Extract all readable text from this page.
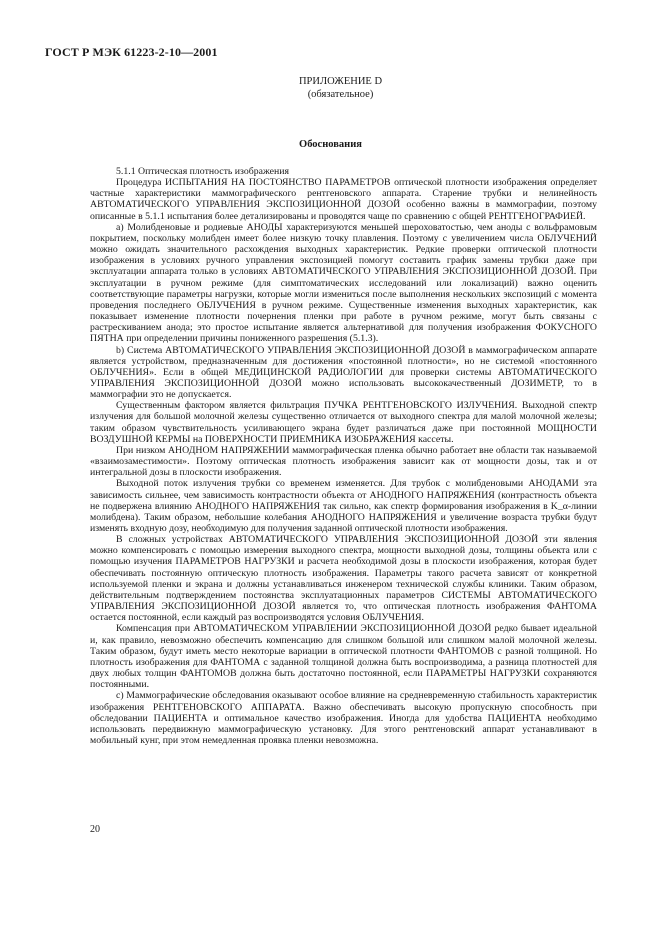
ГОСТ Р МЭК 61223-2-10—2001
ПРИЛОЖЕНИЕ D
(обязательное)
Обоснования

5.1.1 Оптическая плотность изображения

Процедура ИСПЫТАНИЯ НА ПОСТОЯНСТВО ПАРАМЕТРОВ оптической плотности изображения определяет частные характеристики маммографического рентгеновского аппарата. Старение трубки и нелинейность АВТОМАТИЧЕСКОГО УПРАВЛЕНИЯ ЭКСПОЗИЦИОННОЙ ДОЗОЙ особенно важны в маммографии, поэтому описанные в 5.1.1 испытания более детализированы и проводятся чаще по сравнению с общей РЕНТГЕНОГРАФИЕЙ.

а) Молибденовые и родиевые АНОДЫ характеризуются меньшей шероховатостью, чем аноды с вольфрамовым покрытием, поскольку молибден имеет более низкую точку плавления. Поэтому с увеличением числа ОБЛУЧЕНИЙ можно ожидать значительного расхождения выходных характеристик. Редкие проверки оптической плотности изображения в условиях ручного управления экспозицией помогут составить график замены трубки даже при эксплуатации аппарата только в условиях АВТОМАТИЧЕСКОГО УПРАВЛЕНИЯ ЭКСПОЗИЦИОННОЙ ДОЗОЙ. При эксплуатации в ручном режиме (для симптоматических исследований или локализаций) важно оценить соответствующие параметры нагрузки, которые могли измениться после выполнения нескольких экспозиций с момента проведения последнего ОБЛУЧЕНИЯ в ручном режиме. Существенные изменения выходных характеристик, как показывает изменение плотности почернения пленки при работе в ручном режиме, могут быть связаны с растрескиванием анода; это простое испытание является альтернативой для получения изображения ФОКУСНОГО ПЯТНА при определении причины пониженного разрешения (5.1.3).

b) Система АВТОМАТИЧЕСКОГО УПРАВЛЕНИЯ ЭКСПОЗИЦИОННОЙ ДОЗОЙ в маммографическом аппарате является устройством, предназначенным для достижения «постоянной плотности», но не системой «постоянного ОБЛУЧЕНИЯ». Если в общей МЕДИЦИНСКОЙ РАДИОЛОГИИ для проверки системы АВТОМАТИЧЕСКОГО УПРАВЛЕНИЯ ЭКСПОЗИЦИОННОЙ ДОЗОЙ можно использовать высококачественный ДОЗИМЕТР, то в маммографии это не допускается.

Существенным фактором является фильтрация ПУЧКА РЕНТГЕНОВСКОГО ИЗЛУЧЕНИЯ. Выходной спектр излучения для большой молочной железы существенно отличается от выходного спектра для малой молочной железы; таким образом чувствительность усиливающего экрана будет различаться даже при постоянной МОЩНОСТИ ВОЗДУШНОЙ КЕРМЫ на ПОВЕРХНОСТИ ПРИЕМНИКА ИЗОБРАЖЕНИЯ кассеты.

При низком АНОДНОМ НАПРЯЖЕНИИ маммографическая пленка обычно работает вне области так называемой «взаимозаместимости». Поэтому оптическая плотность изображения зависит как от мощности дозы, так и от интегральной дозы в плоскости изображения.

Выходной поток излучения трубки со временем изменяется. Для трубок с молибденовыми АНОДАМИ эта зависимость сильнее, чем зависимость контрастности объекта от АНОДНОГО НАПРЯЖЕНИЯ (контрастность объекта не подвержена влиянию АНОДНОГО НАПРЯЖЕНИЯ так сильно, как спектр формирования изображения в K_α-линии молибдена). Таким образом, небольшие колебания АНОДНОГО НАПРЯЖЕНИЯ и увеличение возраста трубки будут изменять входную дозу, необходимую для получения заданной оптической плотности изображения.

В сложных устройствах АВТОМАТИЧЕСКОГО УПРАВЛЕНИЯ ЭКСПОЗИЦИОННОЙ ДОЗОЙ эти явления можно компенсировать с помощью измерения выходного спектра, мощности выходной дозы, толщины объекта или с помощью изучения ПАРАМЕТРОВ НАГРУЗКИ и расчета необходимой дозы в плоскости изображения, которая будет обеспечивать постоянную оптическую плотность изображения. Параметры такого расчета зависят от конкретной используемой пленки и экрана и должны устанавливаться инженером технической службы клиники. Таким образом, действительным подтверждением постоянства эксплуатационных параметров СИСТЕМЫ АВТОМАТИЧЕСКОГО УПРАВЛЕНИЯ ЭКСПОЗИЦИОННОЙ ДОЗОЙ является то, что оптическая плотность изображения ФАНТОМА остается постоянной, если каждый раз воспроизводятся условия ОБЛУЧЕНИЯ.

Компенсация при АВТОМАТИЧЕСКОМ УПРАВЛЕНИИ ЭКСПОЗИЦИОННОЙ ДОЗОЙ редко бывает идеальной и, как правило, невозможно обеспечить компенсацию для слишком большой или слишком малой молочной железы. Таким образом, будут иметь место некоторые вариации в оптической плотности ФАНТОМОВ с разной толщиной. Но плотность изображения для ФАНТОМА с заданной толщиной должна быть воспроизводима, а разница плотностей для двух любых толщин ФАНТОМОВ должна быть достаточно постоянной, если ПАРАМЕТРЫ НАГРУЗКИ сохраняются постоянными.

с) Маммографические обследования оказывают особое влияние на средневременную стабильность характеристик изображения РЕНТГЕНОВСКОГО АППАРАТА. Важно обеспечивать высокую пропускную способность при обследовании ПАЦИЕНТА и оптимальное качество изображения. Иногда для удобства ПАЦИЕНТА необходимо использовать передвижную маммографическую установку. Для этого рентгеновский аппарат устанавливают в мобильный кунг, при этом немедленная проявка пленки невозможна.

20
